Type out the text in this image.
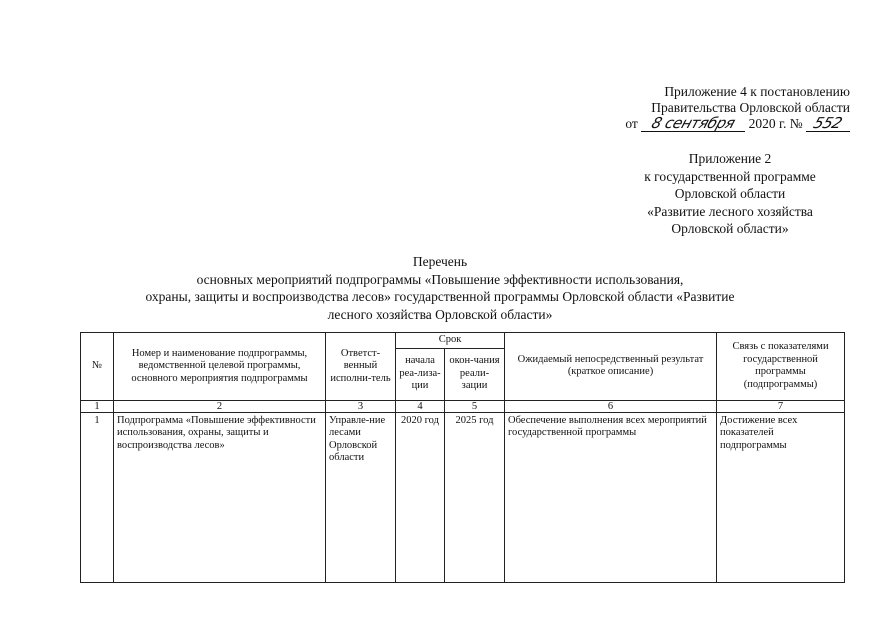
Приложение 4 к постановлению
Правительства Орловской области
от 8 сентября 2020 г. № 552
Приложение 2
к государственной программе
Орловской области
«Развитие лесного хозяйства
Орловской области»
Перечень
основных мероприятий подпрограммы «Повышение эффективности использования,
охраны, защиты и воспроизводства лесов» государственной программы Орловской области «Развитие
лесного хозяйства Орловской области»
№	Номер и наименование подпрограммы, ведомственной целевой программы, основного мероприятия подпрограммы	Ответст-венный исполни-тель	Срок		Ожидаемый непосредственный результат (краткое описание)	Связь с показателями государственной программы (подпрограммы)
			начала реа-лиза-ции	окон-чания реали-зации		
1	2	3	4	5	6	7
1	Подпрограмма «Повышение эффективности использования, охраны, защиты и воспроизводства лесов»	Управле-ние лесами Орловской области	2020 год	2025 год	Обеспечение выполнения всех мероприятий государственной программы	Достижение всех показателей подпрограммы
